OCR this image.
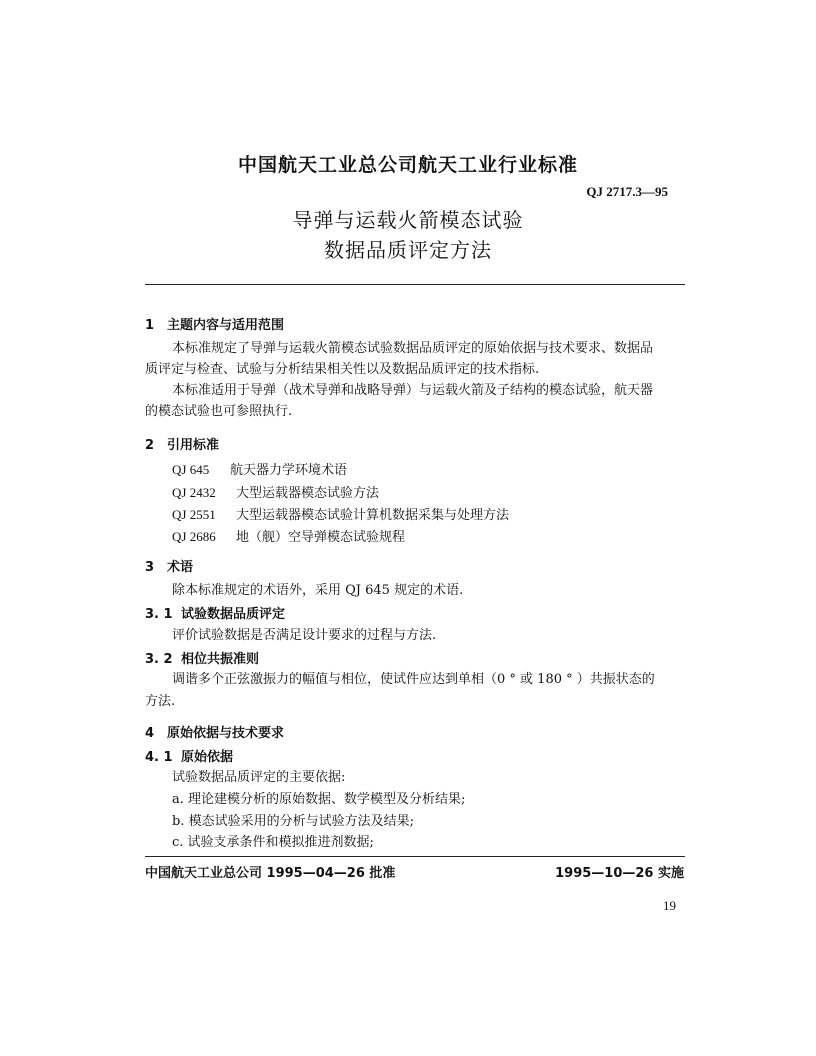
中国航天工业总公司航天工业行业标准
QJ 2717.3—95
导弹与运载火箭模态试验
数据品质评定方法
1 主题内容与适用范围
本标准规定了导弹与运载火箭模态试验数据品质评定的原始依据与技术要求、数据品
质评定与检查、试验与分析结果相关性以及数据品质评定的技术指标.
本标准适用于导弹（战术导弹和战略导弹）与运载火箭及子结构的模态试验，航天器
的模态试验也可参照执行.
2 引用标准
QJ 645 航天器力学环境术语
QJ 2432 大型运载器模态试验方法
QJ 2551 大型运载器模态试验计算机数据采集与处理方法
QJ 2686 地（舰）空导弹模态试验规程
3 术语
除本标准规定的术语外，采用 QJ 645 规定的术语.
3. 1 试验数据品质评定
评价试验数据是否满足设计要求的过程与方法.
3. 2 相位共振准则
调谐多个正弦激振力的幅值与相位，使试件应达到单相（0 ° 或 180 ° ）共振状态的
方法.
4 原始依据与技术要求
4. 1 原始依据
试验数据品质评定的主要依据:
a. 理论建模分析的原始数据、数学模型及分析结果;
b. 模态试验采用的分析与试验方法及结果;
c. 试验支承条件和模拟推进剂数据;
中国航天工业总公司 1995—04—26 批准	1995—10—26 实施
19
